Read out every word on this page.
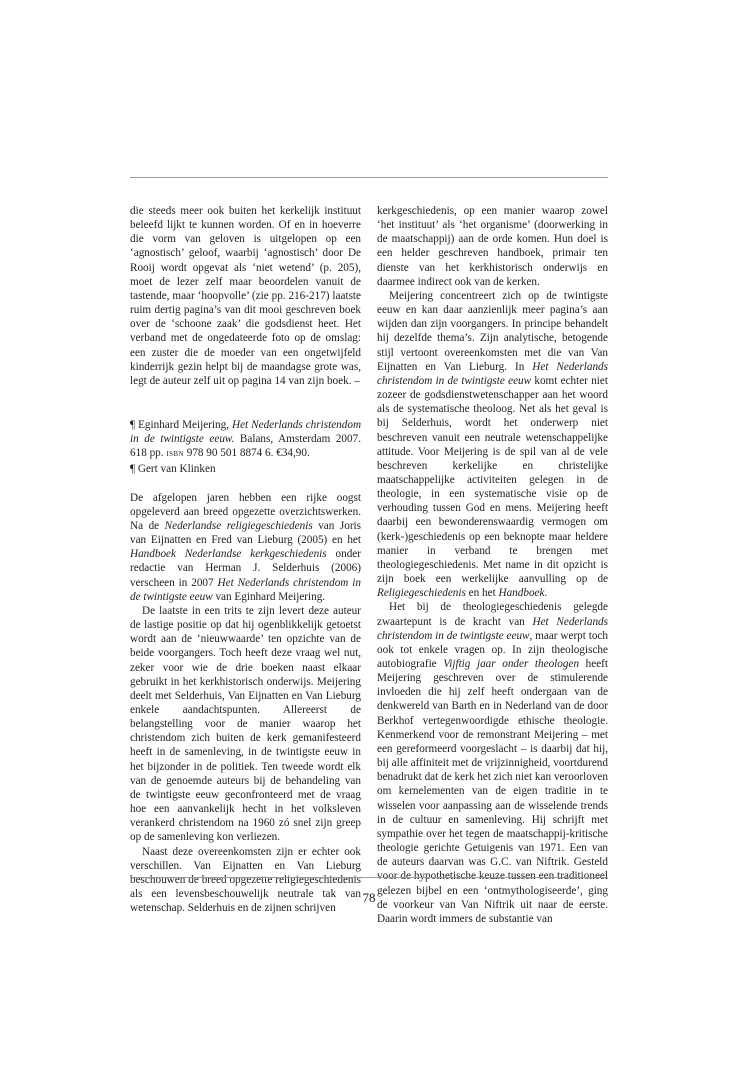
die steeds meer ook buiten het kerkelijk instituut beleefd lijkt te kunnen worden. Of en in hoeverre die vorm van geloven is uitgelopen op een ‘agnostisch’ geloof, waarbij ‘agnostisch’ door De Rooij wordt opgevat als ‘niet wetend’ (p. 205), moet de lezer zelf maar beoordelen vanuit de tastende, maar ‘hoopvolle’ (zie pp. 216-217) laatste ruim dertig pagina’s van dit mooi geschreven boek over de ‘schoone zaak’ die godsdienst heet. Het verband met de ongedateerde foto op de omslag: een zuster die de moeder van een ongetwijfeld kinderrijk gezin helpt bij de maandagse grote was, legt de auteur zelf uit op pagina 14 van zijn boek. –

¶ Eginhard Meijering, Het Nederlands christendom in de twintigste eeuw. Balans, Amsterdam 2007. 618 pp. isbn 978 90 501 8874 6. €34,90.
¶ Gert van Klinken

De afgelopen jaren hebben een rijke oogst opgeleverd aan breed opgezette overzichtswerken. Na de Nederlandse religiegeschiedenis van Joris van Eijnatten en Fred van Lieburg (2005) en het Handboek Nederlandse kerkgeschiedenis onder redactie van Herman J. Selderhuis (2006) verscheen in 2007 Het Nederlands christendom in de twintigste eeuw van Eginhard Meijering.

De laatste in een trits te zijn levert deze auteur de lastige positie op dat hij ogenblikkelijk getoetst wordt aan de ‘nieuwwaarde’ ten opzichte van de beide voorgangers. Toch heeft deze vraag wel nut, zeker voor wie de drie boeken naast elkaar gebruikt in het kerkhistorisch onderwijs. Meijering deelt met Selderhuis, Van Eijnatten en Van Lieburg enkele aandachtspunten. Allereerst de belangstelling voor de manier waarop het christendom zich buiten de kerk gemanifesteerd heeft in de samenleving, in de twintigste eeuw in het bijzonder in de politiek. Ten tweede wordt elk van de genoemde auteurs bij de behandeling van de twintigste eeuw geconfronteerd met de vraag hoe een aanvankelijk hecht in het volksleven verankerd christendom na 1960 zó snel zijn greep op de samenleving kon verliezen.

Naast deze overeenkomsten zijn er echter ook verschillen. Van Eijnatten en Van Lieburg beschouwen de breed opgezette religiegeschiedenis als een levensbeschouwelijk neutrale tak van wetenschap. Selderhuis en de zijnen schrijven

kerkgeschiedenis, op een manier waarop zowel ‘het instituut’ als ‘het organisme’ (doorwerking in de maatschappij) aan de orde komen. Hun doel is een helder geschreven handboek, primair ten dienste van het kerkhistorisch onderwijs en daarmee indirect ook van de kerken.

Meijering concentreert zich op de twintigste eeuw en kan daar aanzienlijk meer pagina’s aan wijden dan zijn voorgangers. In principe behandelt hij dezelfde thema’s. Zijn analytische, betogende stijl vertoont overeenkomsten met die van Van Eijnatten en Van Lieburg. In Het Nederlands christendom in de twintigste eeuw komt echter niet zozeer de godsdienstwetenschapper aan het woord als de systematische theoloog. Net als het geval is bij Selderhuis, wordt het onderwerp niet beschreven vanuit een neutrale wetenschappelijke attitude. Voor Meijering is de spil van al de vele beschreven kerkelijke en christelijke maatschappelijke activiteiten gelegen in de theologie, in een systematische visie op de verhouding tussen God en mens. Meijering heeft daarbij een bewonderenswaardig vermogen om (kerk-)geschiedenis op een beknopte maar heldere manier in verband te brengen met theologiegeschiedenis. Met name in dit opzicht is zijn boek een werkelijke aanvulling op de Religiegeschiedenis en het Handboek.

Het bij de theologiegeschiedenis gelegde zwaartepunt is de kracht van Het Nederlands christendom in de twintigste eeuw, maar werpt toch ook tot enkele vragen op. In zijn theologische autobiografie Vijftig jaar onder theologen heeft Meijering geschreven over de stimulerende invloeden die hij zelf heeft ondergaan van de denkwereld van Barth en in Nederland van de door Berkhof vertegenwoordigde ethische theologie. Kenmerkend voor de remonstrant Meijering – met een gereformeerd voorgeslacht – is daarbij dat hij, bij alle affiniteit met de vrijzinnigheid, voortdurend benadrukt dat de kerk het zich niet kan veroorloven om kernelementen van de eigen traditie in te wisselen voor aanpassing aan de wisselende trends in de cultuur en samenleving. Hij schrijft met sympathie over het tegen de maatschappij-kritische theologie gerichte Getuigenis van 1971. Een van de auteurs daarvan was G.C. van Niftrik. Gesteld voor de hypothetische keuze tussen een traditioneel gelezen bijbel en een ‘ontmythologiseerde’, ging de voorkeur van Van Niftrik uit naar de eerste. Daarin wordt immers de substantie van

78
